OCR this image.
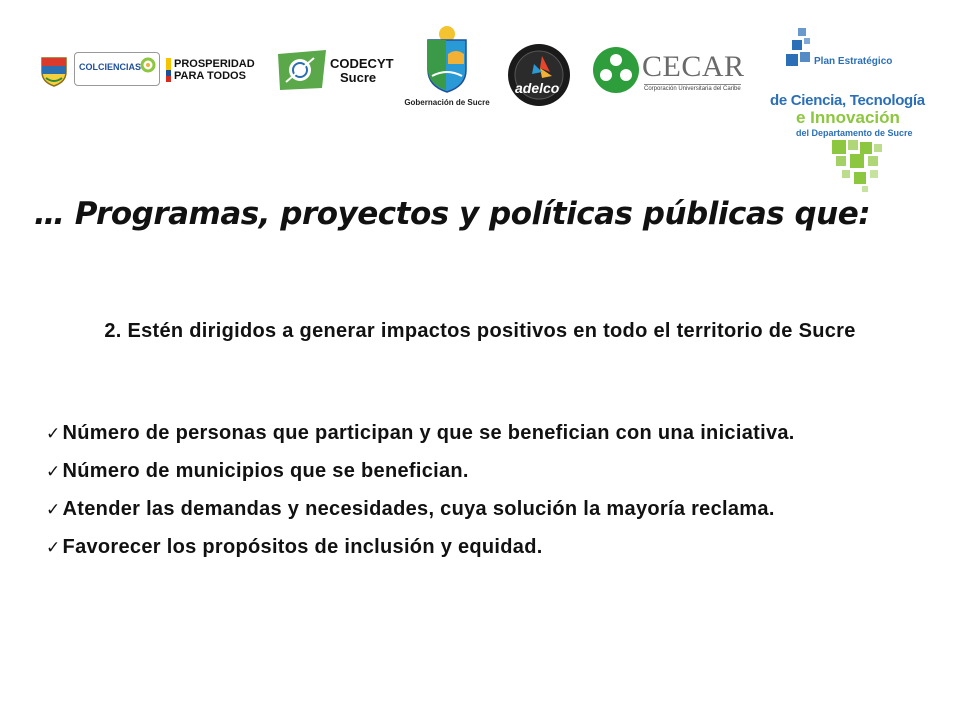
COLCIENCIAS	PROSPERIDAD
PARA TODOS
CODECYT
Sucre
Gobernación de Sucre
adelco
CECAR
Corporación Universitaria del Caribe
Plan Estratégico
de Ciencia, Tecnología
e Innovación
del Departamento de Sucre
… Programas, proyectos y políticas públicas que:
2. Estén dirigidos a generar impactos positivos en todo el territorio de Sucre
✓ Número de personas que participan y que se benefician con una iniciativa.
✓ Número de municipios que se benefician.
✓ Atender las demandas y necesidades, cuya solución la mayoría reclama.
✓ Favorecer los propósitos de inclusión y equidad.
